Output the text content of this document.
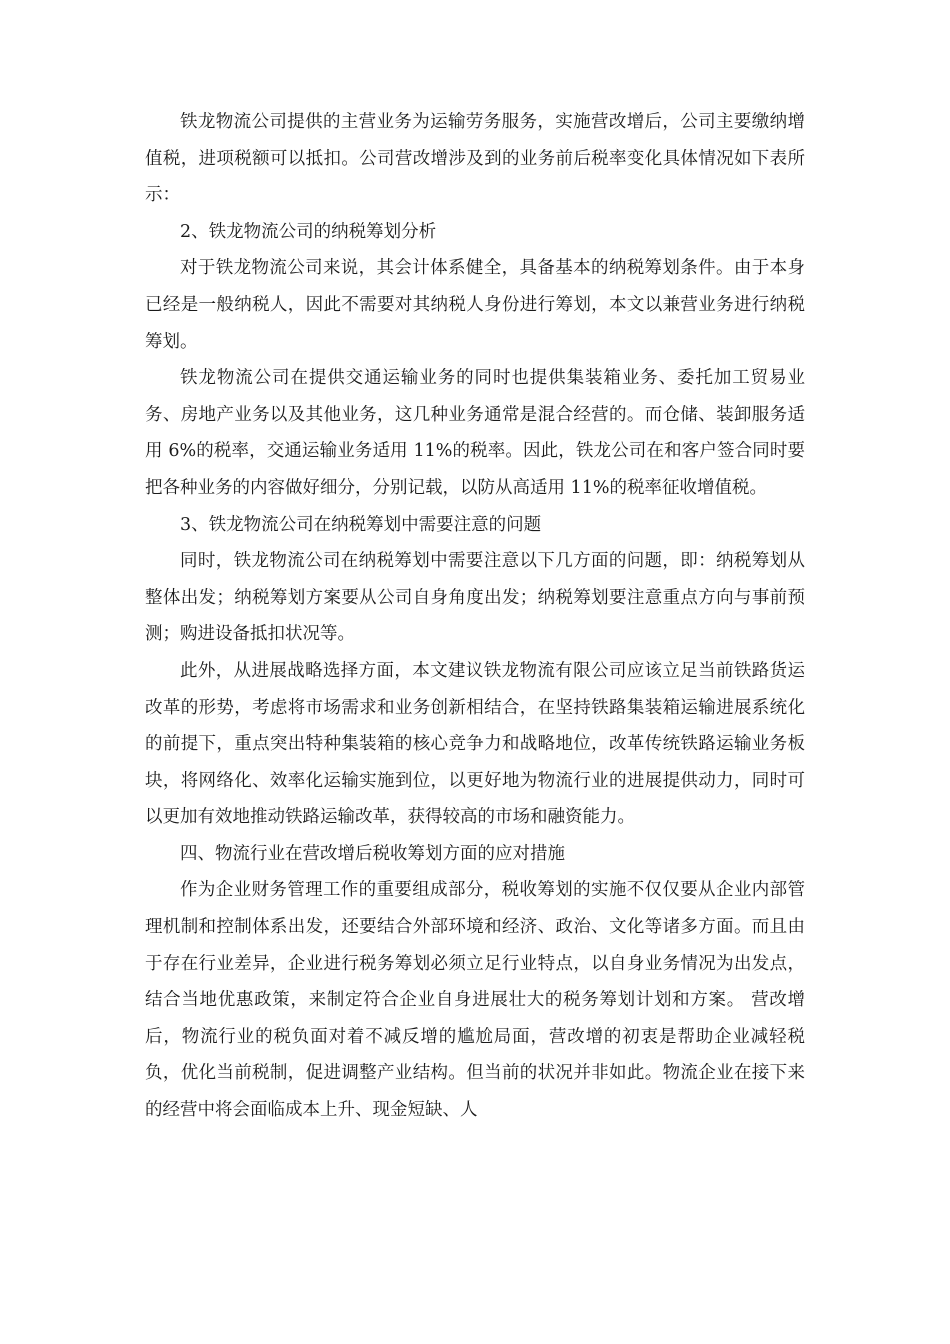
铁龙物流公司提供的主营业务为运输劳务服务，实施营改增后，公司主要缴纳增值税，进项税额可以抵扣。公司营改增涉及到的业务前后税率变化具体情况如下表所示：

2、铁龙物流公司的纳税筹划分析

对于铁龙物流公司来说，其会计体系健全，具备基本的纳税筹划条件。由于本身已经是一般纳税人，因此不需要对其纳税人身份进行筹划，本文以兼营业务进行纳税筹划。

铁龙物流公司在提供交通运输业务的同时也提供集装箱业务、委托加工贸易业务、房地产业务以及其他业务，这几种业务通常是混合经营的。而仓储、装卸服务适用 6%的税率，交通运输业务适用 11%的税率。因此，铁龙公司在和客户签合同时要把各种业务的内容做好细分，分别记载，以防从高适用 11%的税率征收增值税。

3、铁龙物流公司在纳税筹划中需要注意的问题

同时，铁龙物流公司在纳税筹划中需要注意以下几方面的问题，即：纳税筹划从整体出发；纳税筹划方案要从公司自身角度出发；纳税筹划要注意重点方向与事前预测；购进设备抵扣状况等。

此外，从进展战略选择方面，本文建议铁龙物流有限公司应该立足当前铁路货运改革的形势，考虑将市场需求和业务创新相结合，在坚持铁路集装箱运输进展系统化的前提下，重点突出特种集装箱的核心竞争力和战略地位，改革传统铁路运输业务板块，将网络化、效率化运输实施到位，以更好地为物流行业的进展提供动力，同时可以更加有效地推动铁路运输改革，获得较高的市场和融资能力。

四、物流行业在营改增后税收筹划方面的应对措施

作为企业财务管理工作的重要组成部分，税收筹划的实施不仅仅要从企业内部管理机制和控制体系出发，还要结合外部环境和经济、政治、文化等诸多方面。而且由于存在行业差异，企业进行税务筹划必须立足行业特点，以自身业务情况为出发点，结合当地优惠政策，来制定符合企业自身进展壮大的税务筹划计划和方案。 营改增后，物流行业的税负面对着不减反增的尴尬局面，营改增的初衷是帮助企业减轻税负，优化当前税制，促进调整产业结构。但当前的状况并非如此。物流企业在接下来的经营中将会面临成本上升、现金短缺、人
